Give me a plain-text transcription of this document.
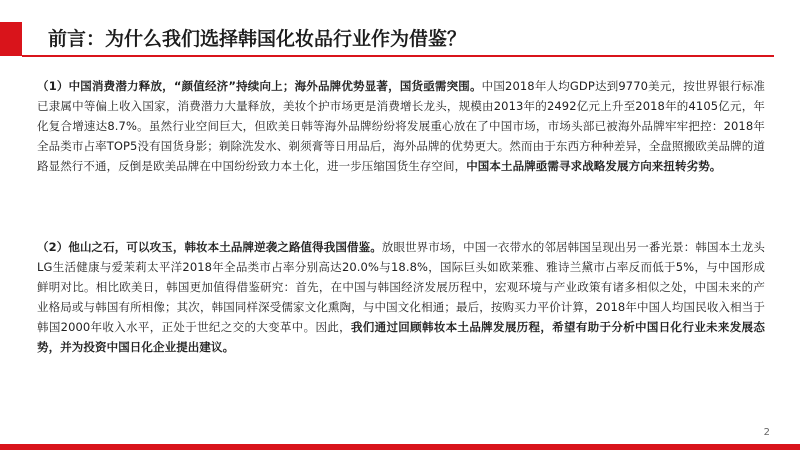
前言：为什么我们选择韩国化妆品行业作为借鉴？

（1）中国消费潜力释放，“颜值经济”持续向上；海外品牌优势显著，国货亟需突围。中国2018年人均GDP达到9770美元，按世界银行标准已隶属中等偏上收入国家，消费潜力大量释放，美妆个护市场更是消费增长龙头，规模由2013年的2492亿元上升至2018年的4105亿元，年化复合增速达8.7%。虽然行业空间巨大，但欧美日韩等海外品牌纷纷将发展重心放在了中国市场，市场头部已被海外品牌牢牢把控：2018年全品类市占率TOP5没有国货身影；剃除洗发水、剃须膏等日用品后，海外品牌的优势更大。然而由于东西方种种差异，全盘照搬欧美品牌的道路显然行不通，反倒是欧美品牌在中国纷纷致力本土化，进一步压缩国货生存空间，中国本土品牌亟需寻求战略发展方向来扭转劣势。

（2）他山之石，可以攻玉，韩妆本土品牌逆袭之路值得我国借鉴。放眼世界市场，中国一衣带水的邻居韩国呈现出另一番光景：韩国本土龙头LG生活健康与爱茉莉太平洋2018年全品类市占率分别高达20.0%与18.8%，国际巨头如欧莱雅、雅诗兰黛市占率反而低于5%，与中国形成鲜明对比。相比欧美日，韩国更加值得借鉴研究：首先，在中国与韩国经济发展历程中，宏观环境与产业政策有诸多相似之处，中国未来的产业格局或与韩国有所相像；其次，韩国同样深受儒家文化熏陶，与中国文化相通；最后，按购买力平价计算，2018年中国人均国民收入相当于韩国2000年收入水平，正处于世纪之交的大变革中。因此，我们通过回顾韩妆本土品牌发展历程，希望有助于分析中国日化行业未来发展态势，并为投资中国日化企业提出建议。

2
